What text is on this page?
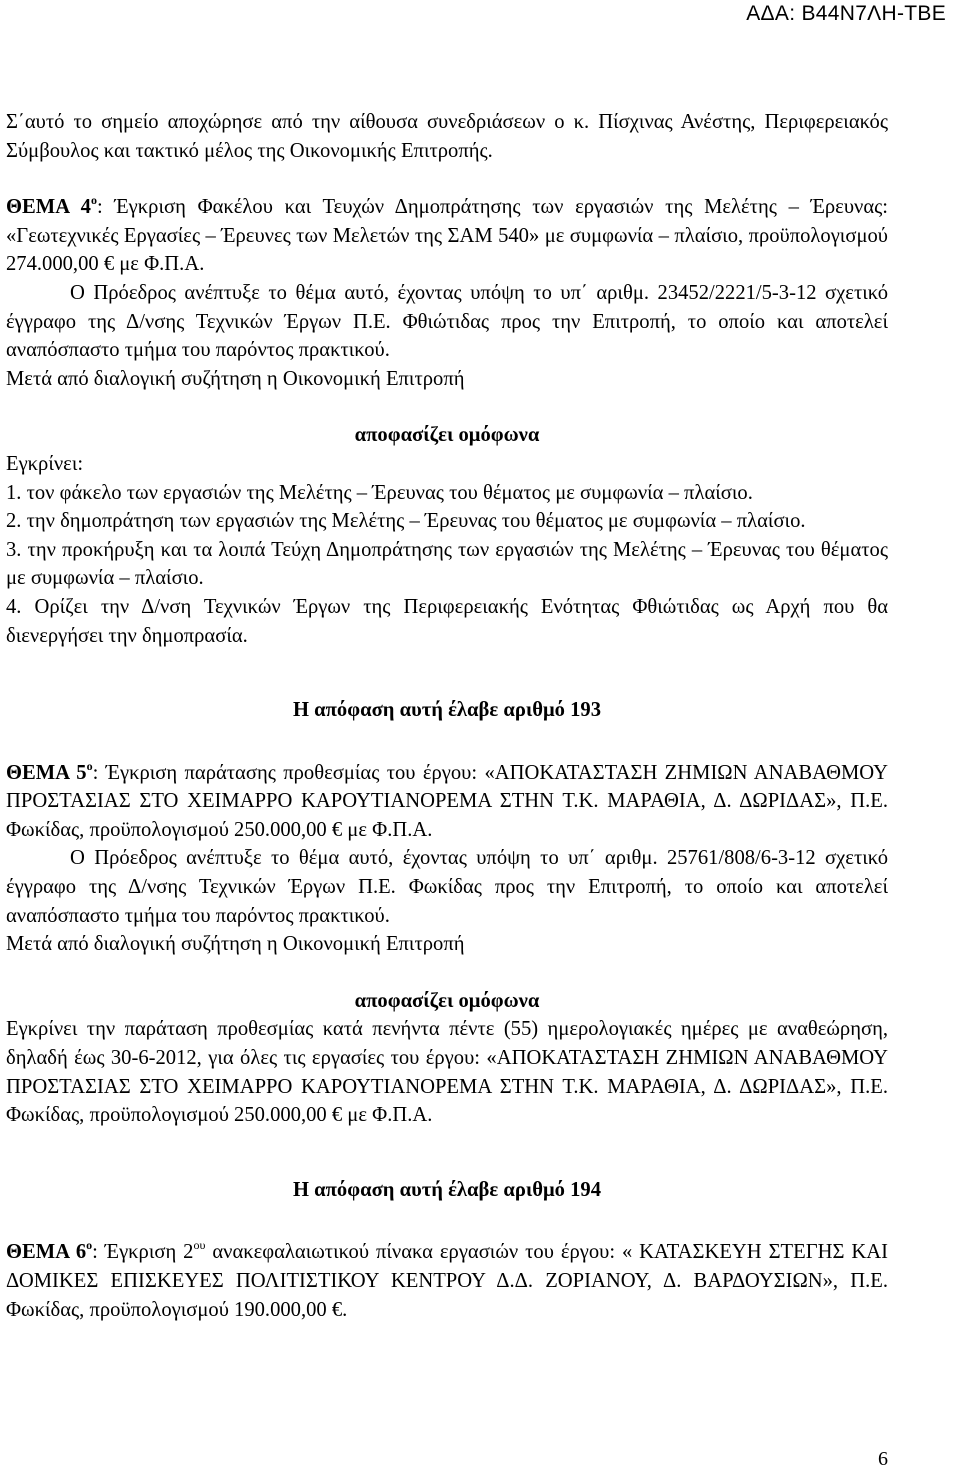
ΑΔΑ: Β44Ν7ΛΗ-ΤΒΕ

Σ΄αυτό το σημείο αποχώρησε από την αίθουσα συνεδριάσεων ο κ. Πίσχινας Ανέστης, Περιφερειακός Σύμβουλος και τακτικό μέλος της Οικονομικής Επιτροπής.

ΘΕΜΑ $4^o$: Έγκριση Φακέλου και Τευχών Δημοπράτησης των εργασιών της Μελέτης – Έρευνας: «Γεωτεχνικές Εργασίες – Έρευνες των Μελετών της ΣΑΜ 540» με συμφωνία – πλαίσιο, προϋπολογισμού 274.000,00 € με Φ.Π.Α.

Ο Πρόεδρος ανέπτυξε το θέμα αυτό, έχοντας υπόψη το υπ΄ αριθμ. 23452/2221/5-3-12 σχετικό έγγραφο της Δ/νσης Τεχνικών Έργων Π.Ε. Φθιώτιδας προς την Επιτροπή, το οποίο και αποτελεί αναπόσπαστο τμήμα του παρόντος πρακτικού.

Μετά από διαλογική συζήτηση η Οικονομική Επιτροπή

αποφασίζει ομόφωνα

Εγκρίνει:

1. τον φάκελο των εργασιών της Μελέτης – Έρευνας του θέματος με συμφωνία – πλαίσιο.

2. την δημοπράτηση των εργασιών της Μελέτης – Έρευνας του θέματος με συμφωνία – πλαίσιο.

3. την προκήρυξη και τα λοιπά Τεύχη Δημοπράτησης των εργασιών της Μελέτης – Έρευνας του θέματος με συμφωνία – πλαίσιο.

4. Ορίζει την Δ/νση Τεχνικών Έργων της Περιφερειακής Ενότητας Φθιώτιδας ως Αρχή που θα διενεργήσει την δημοπρασία.

Η απόφαση αυτή έλαβε αριθμό 193

ΘΕΜΑ $5^o$: Έγκριση παράτασης προθεσμίας του έργου: «ΑΠΟΚΑΤΑΣΤΑΣΗ ΖΗΜΙΩΝ ΑΝΑΒΑΘΜΟΥ ΠΡΟΣΤΑΣΙΑΣ ΣΤΟ ΧΕΙΜΑΡΡΟ ΚΑΡΟΥΤΙΑΝΟΡΕΜΑ ΣΤΗΝ Τ.Κ. ΜΑΡΑΘΙΑ, Δ. ΔΩΡΙΔΑΣ», Π.Ε. Φωκίδας, προϋπολογισμού 250.000,00 € με Φ.Π.Α.

Ο Πρόεδρος ανέπτυξε το θέμα αυτό, έχοντας υπόψη το υπ΄ αριθμ. 25761/808/6-3-12 σχετικό έγγραφο της Δ/νσης Τεχνικών Έργων Π.Ε. Φωκίδας προς την Επιτροπή, το οποίο και αποτελεί αναπόσπαστο τμήμα του παρόντος πρακτικού.

Μετά από διαλογική συζήτηση η Οικονομική Επιτροπή

αποφασίζει ομόφωνα

Εγκρίνει την παράταση προθεσμίας κατά πενήντα πέντε (55) ημερολογιακές ημέρες με αναθεώρηση, δηλαδή έως 30-6-2012, για όλες τις εργασίες του έργου: «ΑΠΟΚΑΤΑΣΤΑΣΗ ΖΗΜΙΩΝ ΑΝΑΒΑΘΜΟΥ ΠΡΟΣΤΑΣΙΑΣ ΣΤΟ ΧΕΙΜΑΡΡΟ ΚΑΡΟΥΤΙΑΝΟΡΕΜΑ ΣΤΗΝ Τ.Κ. ΜΑΡΑΘΙΑ, Δ. ΔΩΡΙΔΑΣ», Π.Ε. Φωκίδας, προϋπολογισμού 250.000,00 € με Φ.Π.Α.

Η απόφαση αυτή έλαβε αριθμό 194

ΘΕΜΑ $6^o$: Έγκριση $2^{o\upsilon}$ ανακεφαλαιωτικού πίνακα εργασιών του έργου: « ΚΑΤΑΣΚΕΥΗ ΣΤΕΓΗΣ ΚΑΙ ΔΟΜΙΚΕΣ ΕΠΙΣΚΕΥΕΣ ΠΟΛΙΤΙΣΤΙΚΟΥ ΚΕΝΤΡΟΥ Δ.Δ. ΖΟΡΙΑΝΟΥ, Δ. ΒΑΡΔΟΥΣΙΩΝ», Π.Ε. Φωκίδας, προϋπολογισμού 190.000,00 €.

6
